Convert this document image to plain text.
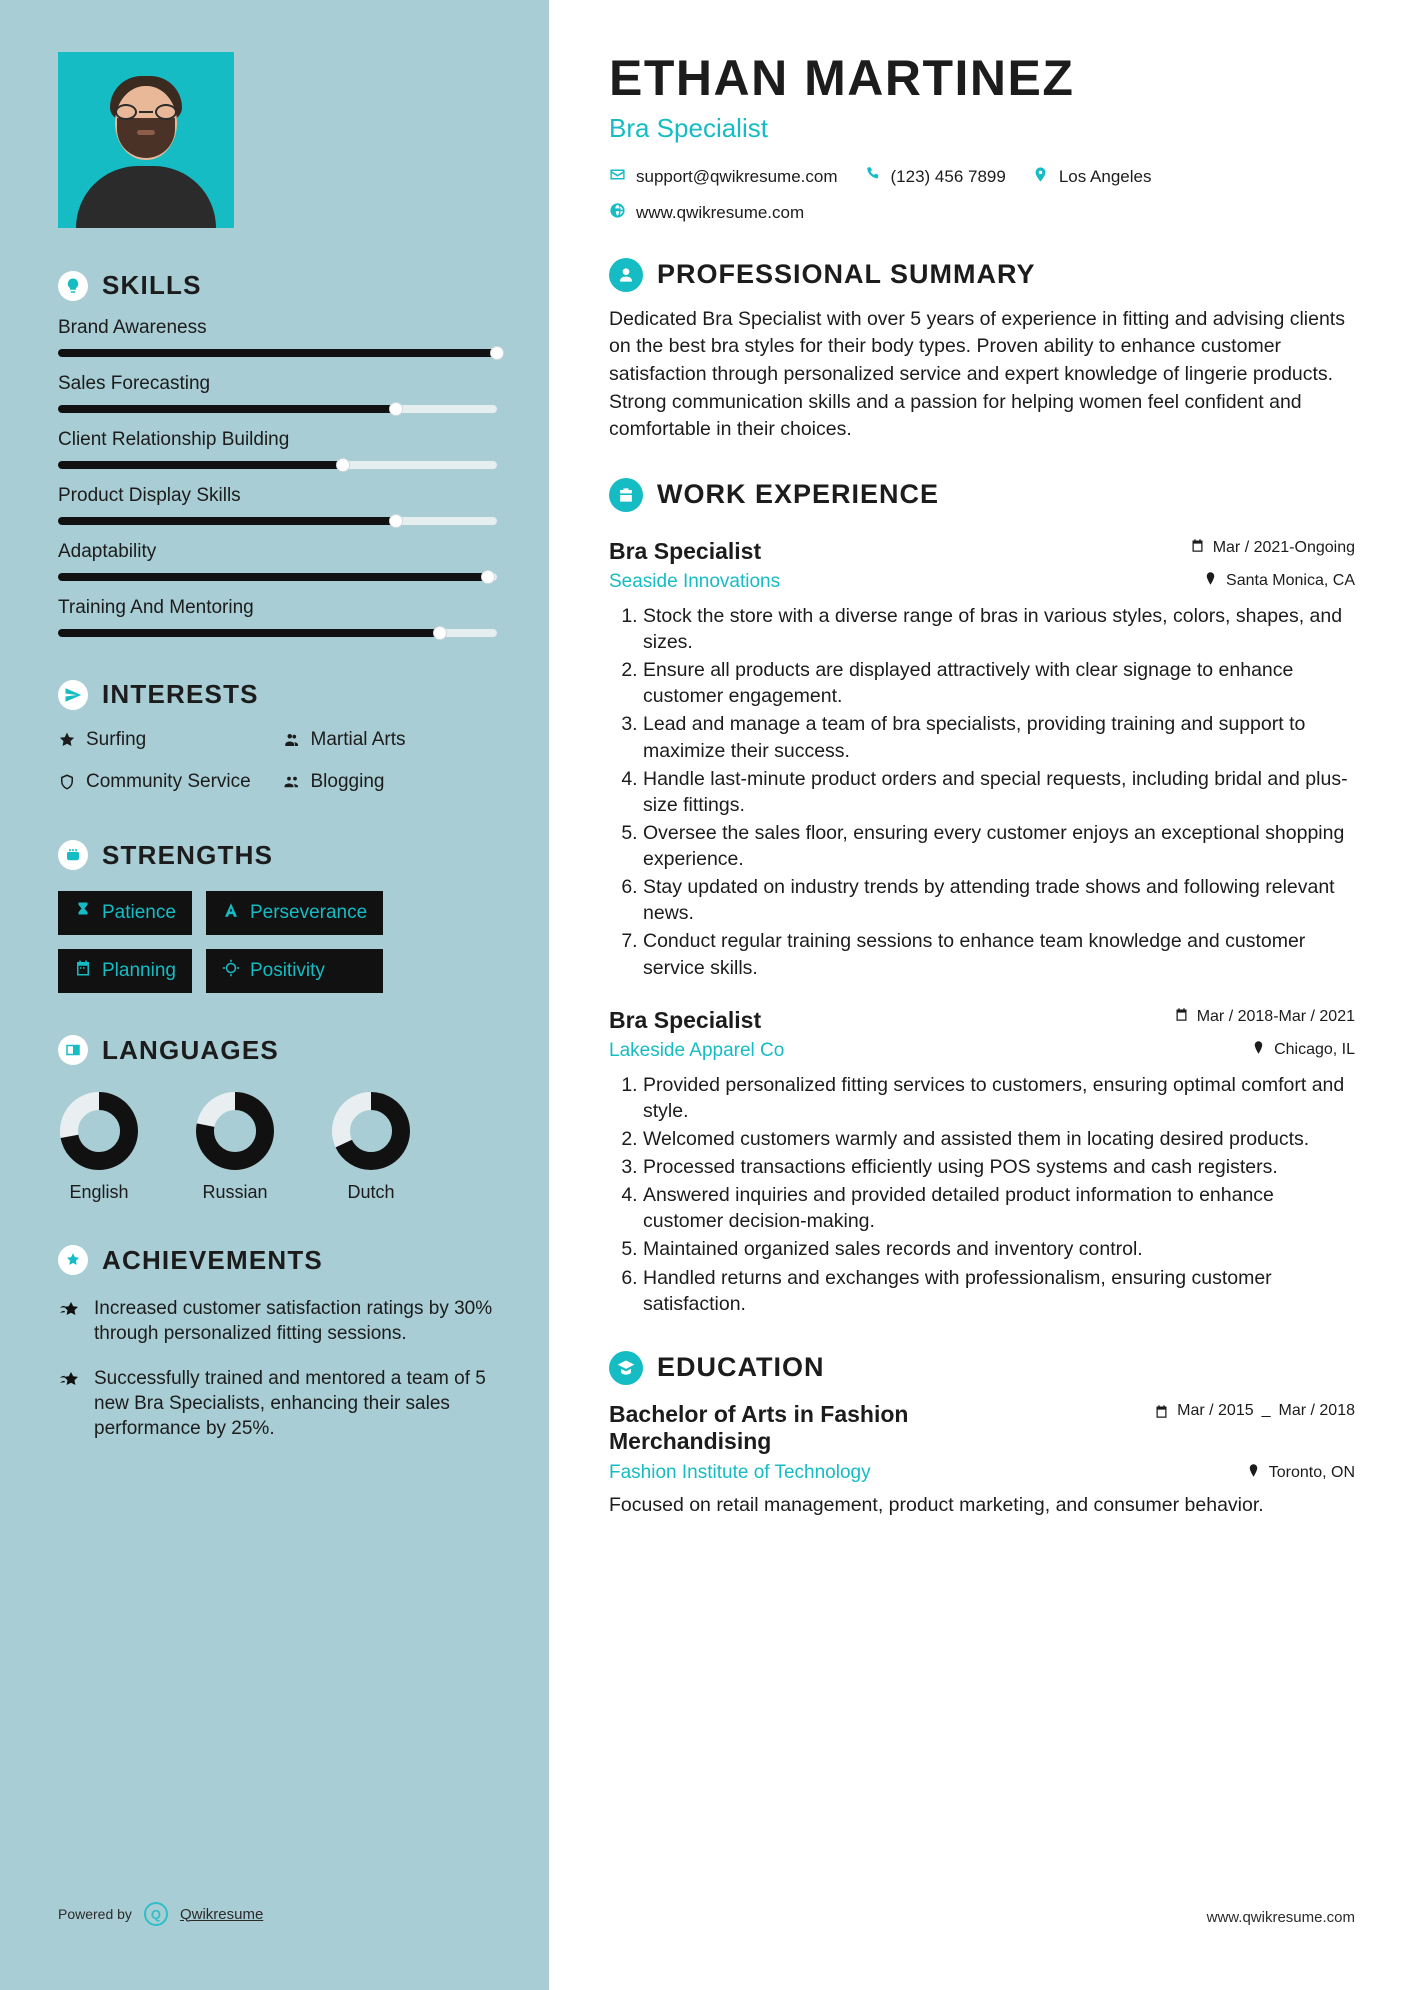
SKILLS
Brand Awareness
Sales Forecasting
Client Relationship Building
Product Display Skills
Adaptability
Training And Mentoring
INTERESTS
Surfing	Martial Arts
Community Service	Blogging
STRENGTHS
Patience	Perseverance
Planning	Positivity
LANGUAGES
English	Russian	Dutch
ACHIEVEMENTS
Increased customer satisfaction ratings by 30% through personalized fitting sessions.
Successfully trained and mentored a team of 5 new Bra Specialists, enhancing their sales performance by 25%.
Powered by	Q	Qwikresume
ETHAN MARTINEZ
Bra Specialist
support@qwikresume.com	(123) 456 7899	Los Angeles
www.qwikresume.com
PROFESSIONAL SUMMARY
Dedicated Bra Specialist with over 5 years of experience in fitting and advising clients on the best bra styles for their body types. Proven ability to enhance customer satisfaction through personalized service and expert knowledge of lingerie products. Strong communication skills and a passion for helping women feel confident and comfortable in their choices.
WORK EXPERIENCE
Bra Specialist	Mar / 2021-Ongoing
Seaside Innovations	Santa Monica, CA
1. Stock the store with a diverse range of bras in various styles, colors, shapes, and sizes.
2. Ensure all products are displayed attractively with clear signage to enhance customer engagement.
3. Lead and manage a team of bra specialists, providing training and support to maximize their success.
4. Handle last-minute product orders and special requests, including bridal and plus-size fittings.
5. Oversee the sales floor, ensuring every customer enjoys an exceptional shopping experience.
6. Stay updated on industry trends by attending trade shows and following relevant news.
7. Conduct regular training sessions to enhance team knowledge and customer service skills.
Bra Specialist	Mar / 2018-Mar / 2021
Lakeside Apparel Co	Chicago, IL
1. Provided personalized fitting services to customers, ensuring optimal comfort and style.
2. Welcomed customers warmly and assisted them in locating desired products.
3. Processed transactions efficiently using POS systems and cash registers.
4. Answered inquiries and provided detailed product information to enhance customer decision-making.
5. Maintained organized sales records and inventory control.
6. Handled returns and exchanges with professionalism, ensuring customer satisfaction.
EDUCATION
Bachelor of Arts in Fashion Merchandising
Mar / 2015 _ Mar / 2018
Fashion Institute of Technology	Toronto, ON
Focused on retail management, product marketing, and consumer behavior.
www.qwikresume.com
